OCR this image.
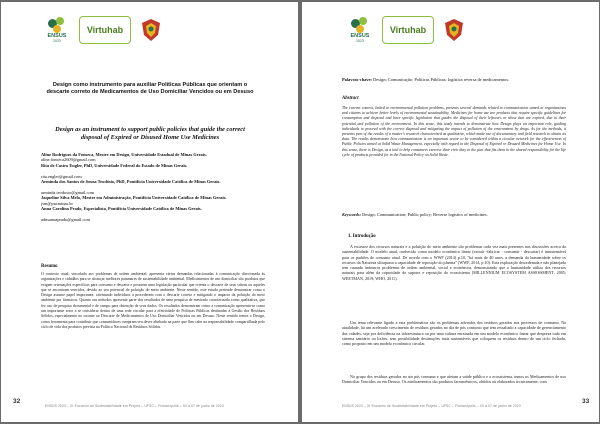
ENSUS
2023
Virtuhab
Design como instrumento para auxiliar Políticas Públicas que orientam o descarte correto de Medicamentos de Uso Domiciliar Vencidos ou em Desuso
Design as an instrument to support public policies that guide the correct disposal of Expired or Disused Home Use Medicines
Aline Rodrigues da Fonseca, Mestre em Design, Universidade Estadual de Minas Gerais.
aline.fonseca2609@gmail.com
Rita de Castro Engler, PhD, Universidade Federal do Estado de Minas Gerais.
rita.engler@gmail.com
Arminda dos Santos de Sousa Teodósio, PhD, Pontifícia Universidade Católica de Minas Gerais.
arminda.teodosio@gmail.com
Jaqueline Silva Melo, Mestre em Administração, Pontifícia Universidade Católica de Minas Gerais.
jsm@pucminas.br
Anna Carolina Prado, Especialista, Pontifícia Universidade Católica de Minas Gerais.
adnsannaprado@gmail.com
Resumo
O contexto atual, vinculado aos problemas de ordem ambiental, apresenta várias demandas relacionadas à comunicação direcionada às organizações e cidadãos para se alcançar melhores patamares de sustentabilidade ambiental. Medicamentos de uso domiciliar são produtos que exigem orientações específicas para consumo e descarte e possuem uma legislação particular que orienta o descarte de seus sobras ou aqueles que se encontram vencidos, devido ao seu potencial de poluição do meio ambiente. Neste sentido, este estudo pretende demonstrar como o Design assume papel importante, orientando indivíduos a procederem com o descarte correto e mitigando o impacto da poluição do meio ambiente por fármacos. Quanto aos métodos apresenta parte dos resultados de uma pesquisa de mestrado caracterizada como qualitativa, que fez uso de pesquisa documental e de campo para obtenção de seus dados. Os resultados demonstram como a comunicação apresenta-se como um importante setor a se considerar dentro de uma rede circular para a efetividade de Políticas Públicas destinadas à Gestão dos Resíduos Sólidos, especialmente no tocante ao Descarte de Medicamentos de Uso Domiciliar Vencidos ou em Desuso. Neste sentido temos o Design, como ferramenta para contribuir que consumidores cumpram seu dever alinhado na parte que lhes cabe na responsabilidade compartilhada pelo ciclo de vida dos produtos prevista na Política Nacional de Resíduos Sólidos.
ENSUS 2023 – XI Encontro de Sustentabilidade em Projeto – UFSC – Florianópolis – 03 a 07 de junho de 2023
32
ENSUS
2023
Virtuhab
Palavras-chave: Design; Comunicação; Políticas Públicas; logística reversa de medicamentos.
Abstract
The current context, linked to environmental pollution problems, presents several demands related to communication aimed at organizations and citizens to achieve better levels of environmental sustainability. Medicines for home use are products that require specific guidelines for consumption and disposal and have specific legislation that guides the disposal of their leftovers or those that are expired, due to their potential and pollution of the environment. In this sense, this study intends to demonstrate how Design plays an important role, guiding individuals to proceed with the correct disposal and mitigating the impact of pollution of the environment by drugs. As for the methods, it presents part of the results of a master's research characterized as qualitative, which made use of documentary and field research to obtain its data. The results demonstrate how communication is an important sector to be considered within a circular network for the effectiveness of Public Policies aimed at Solid Waste Management, especially with regard to the Disposal of Expired or Disused Medicines for Home Use. In this sense, there is Design, as a tool to help consumers exercise their civic duty in the part that fits them in the shared responsibility for the life cycle of products provided for in the National Policy on Solid Waste.
Keywords: Design; Communication; Public policy; Reverse logistics of medicines.
1. Introdução
A escassez dos recursos naturais e a poluição do meio ambiente são problemas cada vez mais presentes nas discussões acerca da sustentabilidade. O modelo atual, conhecido como modelo econômico linear (extrair -fabricar - consumir - descartar) é insustentável para os padrões de consumo atual. De acordo com o WWF (2014) p.10, "há mais de 40 anos, a demanda da humanidade sobre os recursos da Natureza ultrapassa a capacidade de reposição do planeta" (WWF, 2014, p.10). Esta exploração desordenada e não planejada tem causado inúmeros problemas de ordem ambiental, social e econômica, demonstrando que a humanidade utiliza dos recursos naturais para além da capacidade de suporte e reposição do ecossistema (MILLENNIUM ECOSYSTEM ASSESSMENT, 2005; WEETMAN, 2019; WHO, 2011).
Um tema relevante ligado a esta problemática são os problemas advindos dos resíduos gerados nos processos de consumo. Na atualidade, há um acelerado crescimento de resíduos gerados no dia de pós consumo que tem ressaltado a capacidade de gerenciamento das cidades, seja por deficiência na infraestrutura ou por uma cultura enraizada em um modelo econômico linear que despreza tudo em sistema sanitário ou lixões, sem possibilidade destinações mais sustentáveis que coloquem os resíduos dentro de um ciclo fechado, como proposto em um modelo econômico circular.
No grupo dos resíduos gerados no ato pós consumo e que afetam a saúde pública e o ecossistema, temos os Medicamentos de uso Domiciliar Vencidos ou em Desuso. Os medicamentos são produtos farmacêuticos, obtidos ou elaborados tecnicamente, com
ENSUS 2023 – XI Encontro de Sustentabilidade em Projeto – UFSC – Florianópolis – 03 a 07 de junho de 2023
33
